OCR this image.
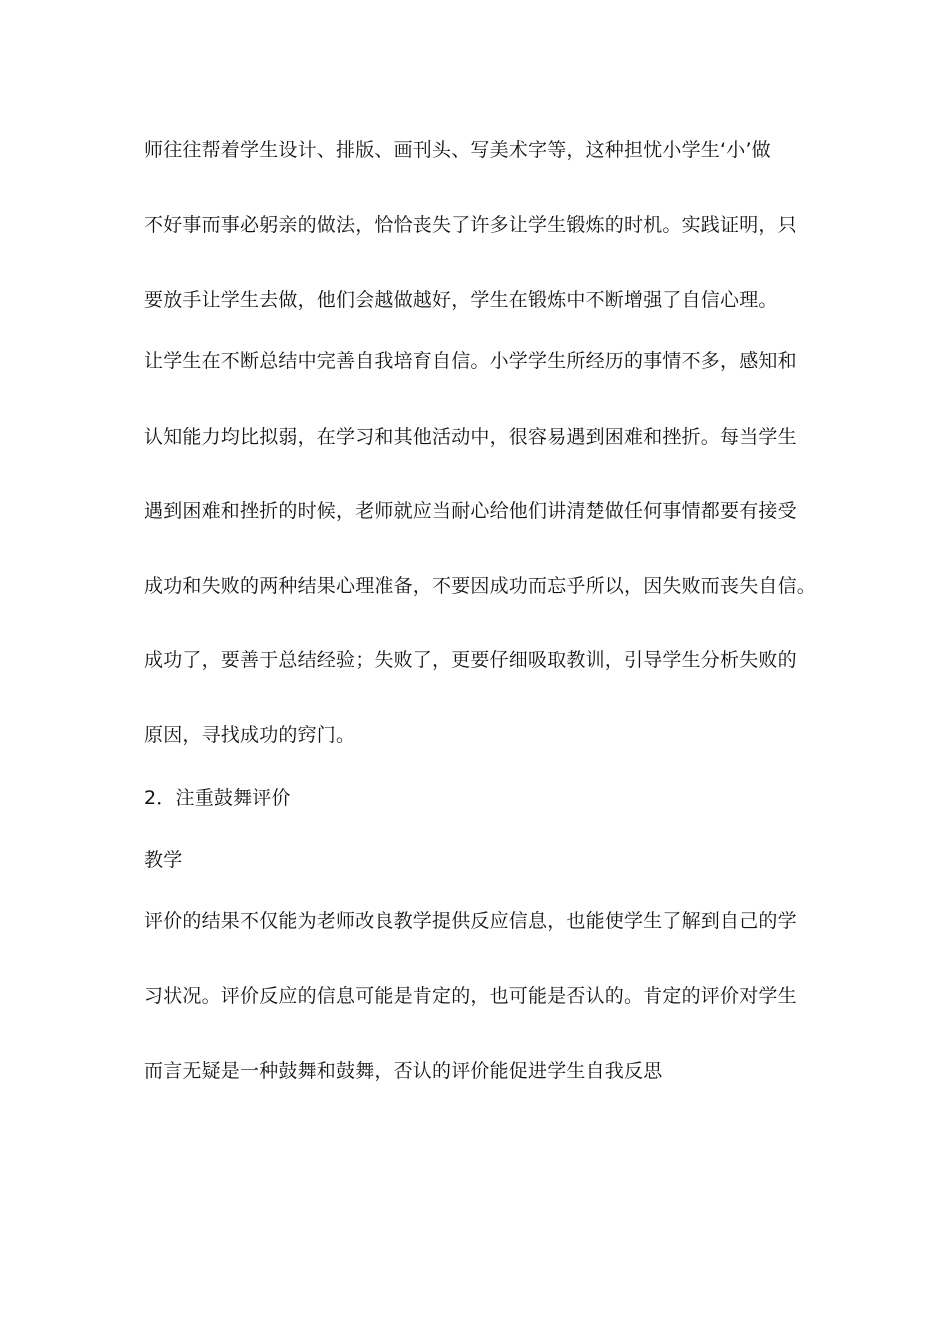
师往往帮着学生设计、排版、画刊头、写美术字等，这种担忧小学生‘小’做
不好事而事必躬亲的做法，恰恰丧失了许多让学生锻炼的时机。实践证明，只
要放手让学生去做，他们会越做越好，学生在锻炼中不断增强了自信心理。
让学生在不断总结中完善自我培育自信。小学学生所经历的事情不多，感知和
认知能力均比拟弱，在学习和其他活动中，很容易遇到困难和挫折。每当学生
遇到困难和挫折的时候，老师就应当耐心给他们讲清楚做任何事情都要有接受
成功和失败的两种结果心理准备，不要因成功而忘乎所以，因失败而丧失自信。
成功了，要善于总结经验；失败了，更要仔细吸取教训，引导学生分析失败的
原因，寻找成功的窍门。
2．注重鼓舞评价
教学
评价的结果不仅能为老师改良教学提供反应信息，也能使学生了解到自己的学
习状况。评价反应的信息可能是肯定的，也可能是否认的。肯定的评价对学生
而言无疑是一种鼓舞和鼓舞，否认的评价能促进学生自我反思
